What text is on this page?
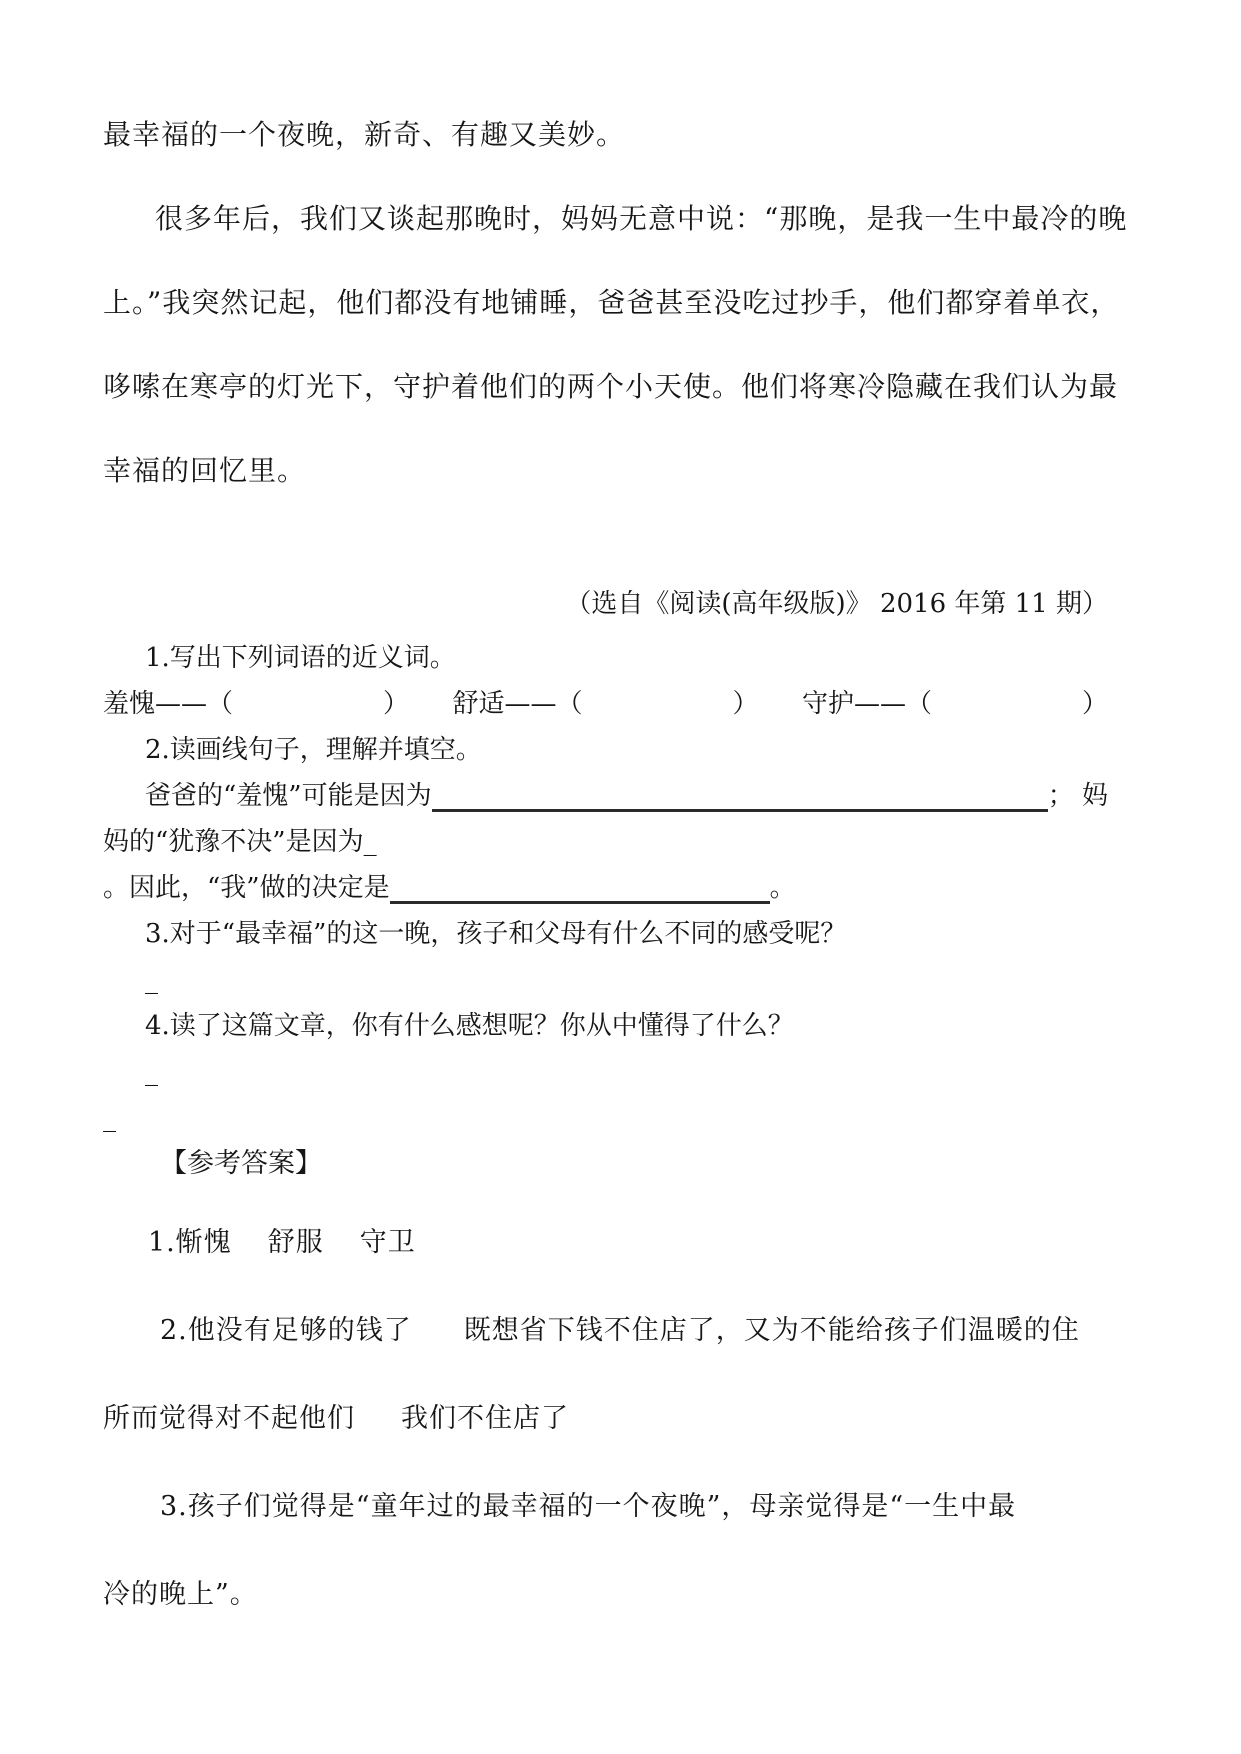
最幸福的一个夜晚，新奇、有趣又美妙。
很多年后，我们又谈起那晚时，妈妈无意中说：“那晚，是我一生中最冷的晚
上。”我突然记起，他们都没有地铺睡，爸爸甚至没吃过抄手，他们都穿着单衣，
哆嗦在寒亭的灯光下，守护着他们的两个小天使。他们将寒冷隐藏在我们认为最
幸福的回忆里。
（选自《阅读(高年级版)》 2016 年第 11 期）
1.写出下列词语的近义词。
羞愧——（	） 舒适——（	） 守护——（	）
2.读画线句子，理解并填空。
爸爸的“羞愧”可能是因为	； 妈
妈的“犹豫不决”是因为_
。因此，“我”做的决定是	。
3.对于“最幸福”的这一晚，孩子和父母有什么不同的感受呢？
_
4.读了这篇文章，你有什么感想呢？你从中懂得了什么？
_
_
【参考答案】
1.惭愧 舒服 守卫
2.他没有足够的钱了 既想省下钱不住店了，又为不能给孩子们温暖的住
所而觉得对不起他们 我们不住店了
3.孩子们觉得是“童年过的最幸福的一个夜晚”，母亲觉得是“一生中最
冷的晚上”。
